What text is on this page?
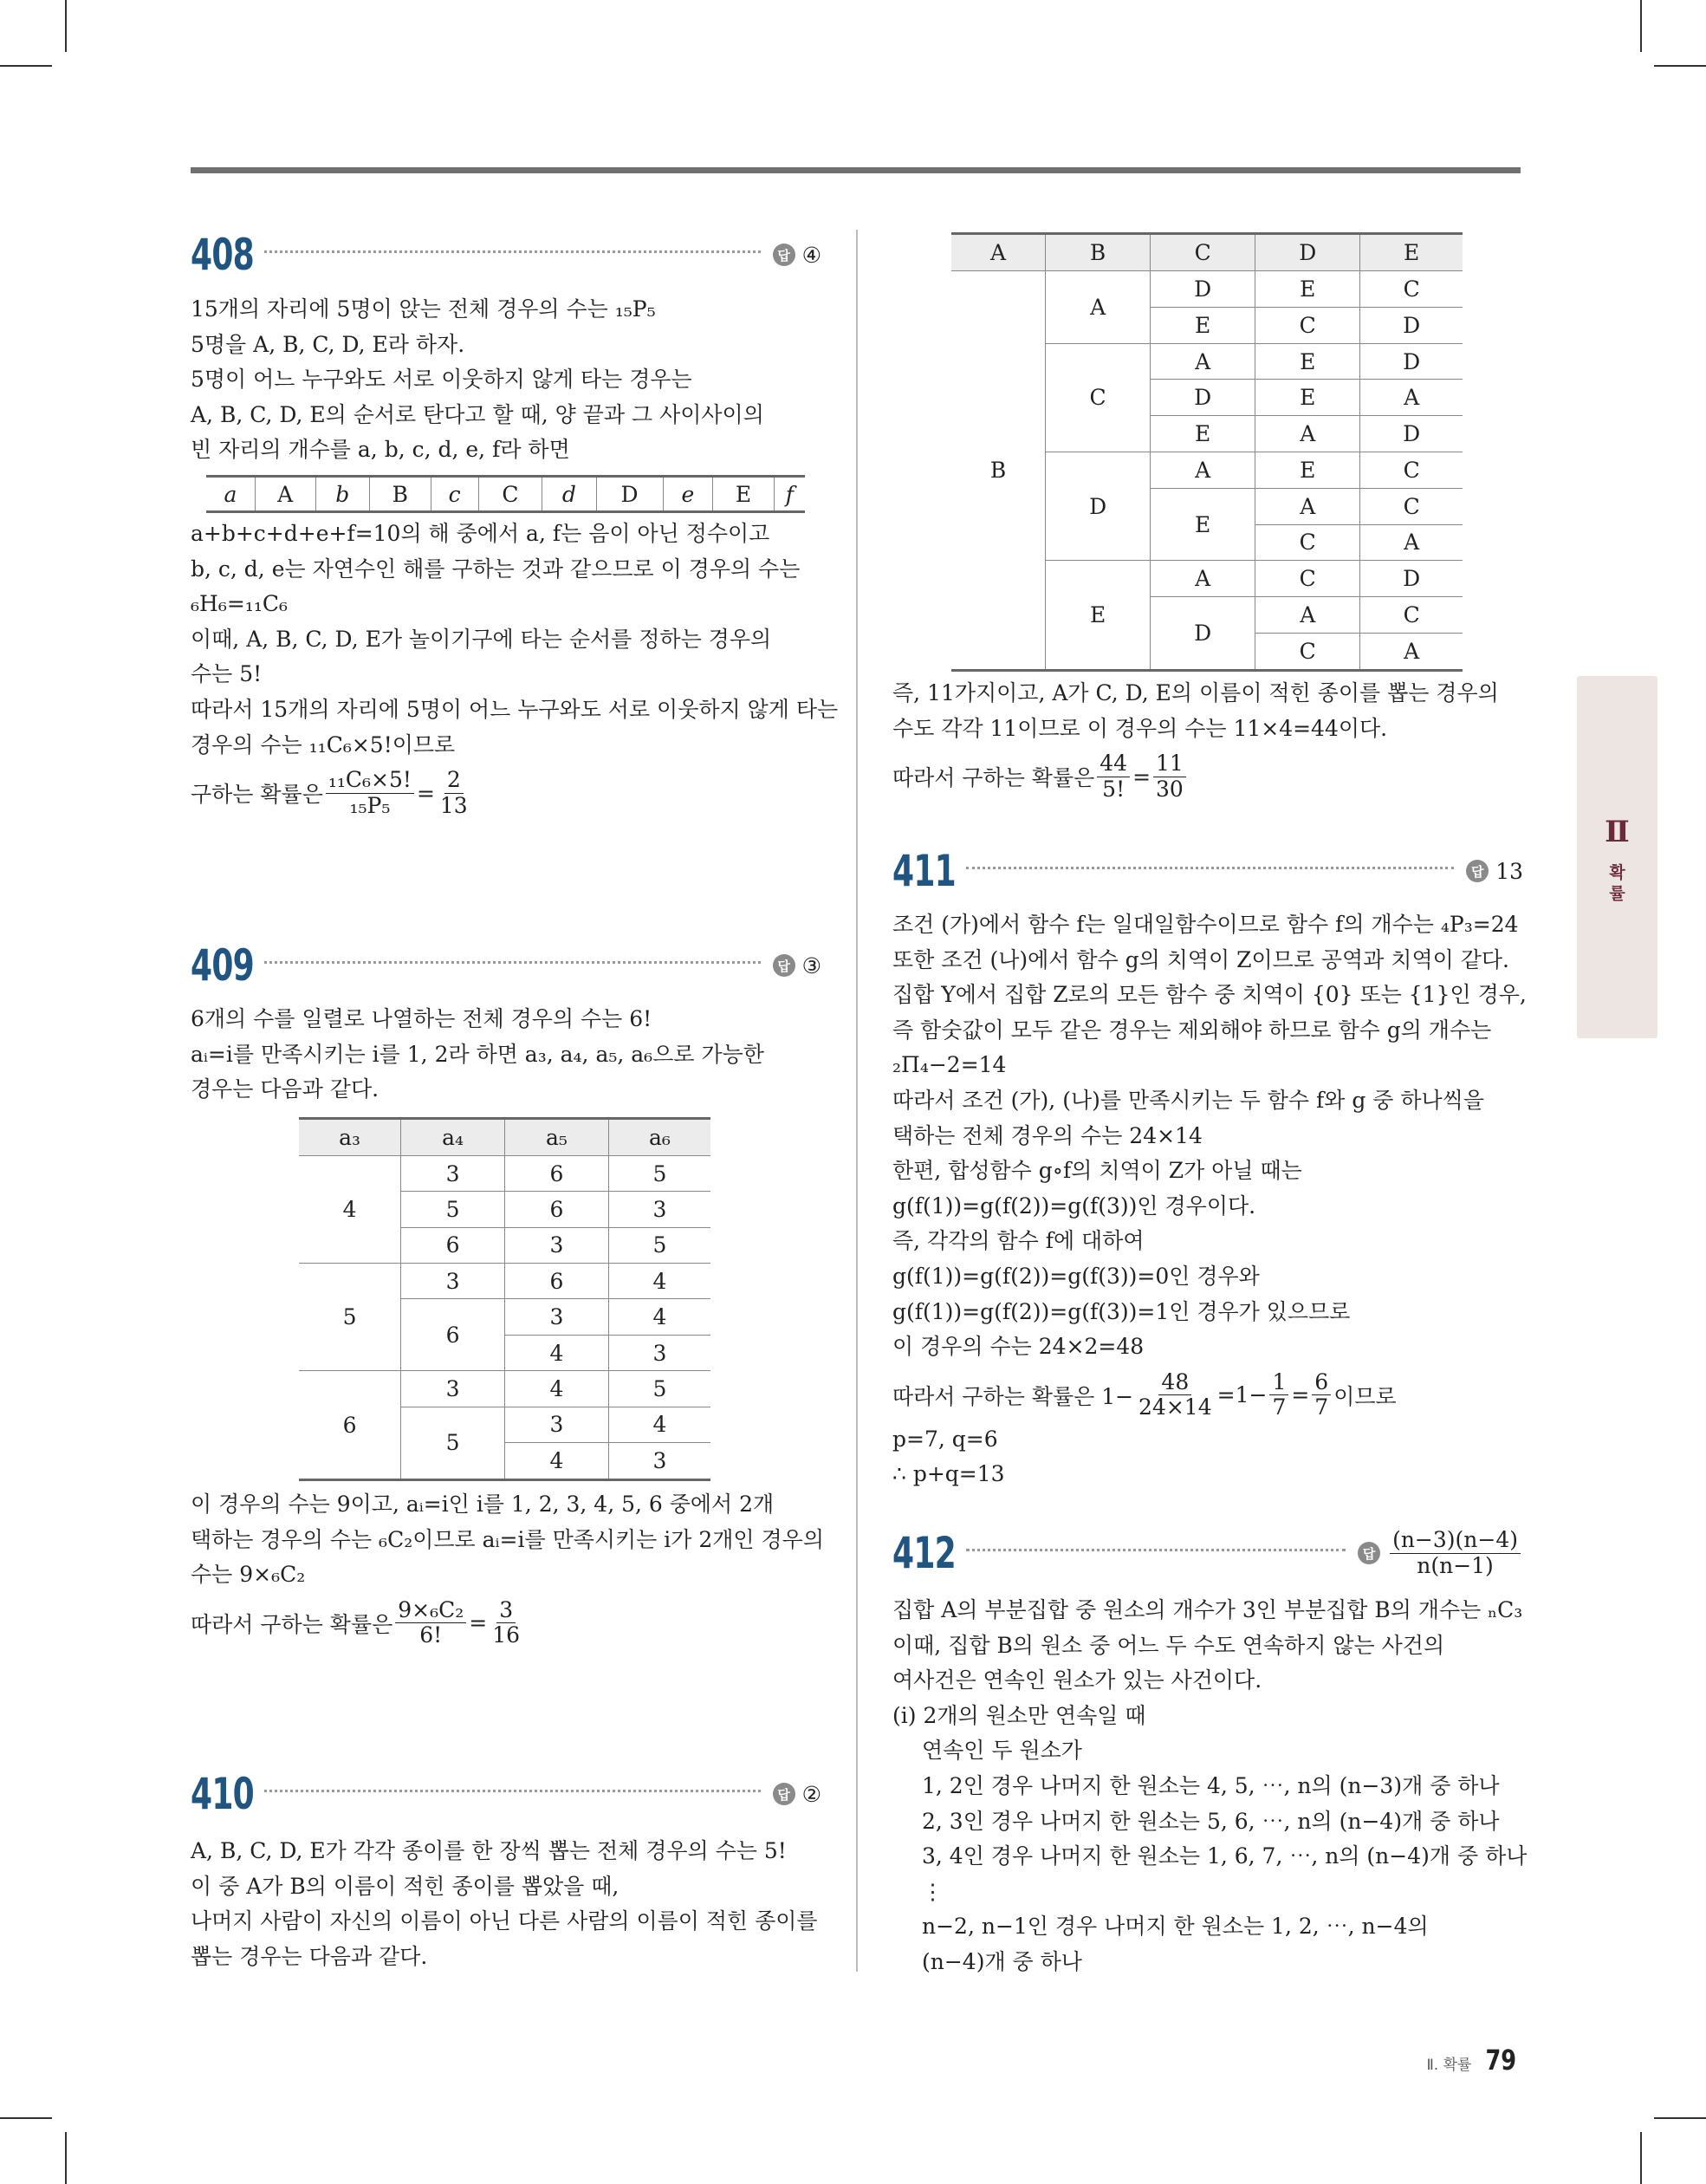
408	답 ④
15개의 자리에 5명이 앉는 전체 경우의 수는 ₁₅P₅
5명을 A, B, C, D, E라 하자.
5명이 어느 누구와도 서로 이웃하지 않게 타는 경우는
A, B, C, D, E의 순서로 탄다고 할 때, 양 끝과 그 사이사이의
빈 자리의 개수를 a, b, c, d, e, f라 하면
a	A	b	B	c	C	d	D	e	E	f
a+b+c+d+e+f=10의 해 중에서 a, f는 음이 아닌 정수이고
b, c, d, e는 자연수인 해를 구하는 것과 같으므로 이 경우의 수는
₆H₆=₁₁C₆
이때, A, B, C, D, E가 놀이기구에 타는 순서를 정하는 경우의
수는 5!
따라서 15개의 자리에 5명이 어느 누구와도 서로 이웃하지 않게 타는
경우의 수는 ₁₁C₆×5!이므로
구하는 확률은 $\frac{\text{₁₁C₆×5!}}{\text{₁₅P₅}} = \frac{2}{13}$
409	답 ③
6개의 수를 일렬로 나열하는 전체 경우의 수는 6!
aᵢ=i를 만족시키는 i를 1, 2라 하면 a₃, a₄, a₅, a₆으로 가능한
경우는 다음과 같다.
a₃	a₄	a₅	a₆
4	3	6	5
	5	6	3
	6	3	5
5	3	6	4
	6	3	4
		4	3
6	3	4	5
	5	3	4
		4	3
이 경우의 수는 9이고, aᵢ=i인 i를 1, 2, 3, 4, 5, 6 중에서 2개
택하는 경우의 수는 ₆C₂이므로 aᵢ=i를 만족시키는 i가 2개인 경우의
수는 9×₆C₂
따라서 구하는 확률은 $\frac{\text{9×₆C₂}}{6!} = \frac{3}{16}$
410	답 ②
A, B, C, D, E가 각각 종이를 한 장씩 뽑는 전체 경우의 수는 5!
이 중 A가 B의 이름이 적힌 종이를 뽑았을 때,
나머지 사람이 자신의 이름이 아닌 다른 사람의 이름이 적힌 종이를
뽑는 경우는 다음과 같다.
A	B	C	D	E
B	A	D	E	C
		E	C	D
	C	A	E	D
		D	E	A
		E	A	D
	D	A	E	C
		E	A	C
			C	A
	E	A	C	D
		D	A	C
			C	A
즉, 11가지이고, A가 C, D, E의 이름이 적힌 종이를 뽑는 경우의
수도 각각 11이므로 이 경우의 수는 11×4=44이다.
따라서 구하는 확률은 $\frac{44}{5!} = \frac{11}{30}$
411	답 13
조건 (가)에서 함수 f는 일대일함수이므로 함수 f의 개수는 ₄P₃=24
또한 조건 (나)에서 함수 g의 치역이 Z이므로 공역과 치역이 같다.
집합 Y에서 집합 Z로의 모든 함수 중 치역이 {0} 또는 {1}인 경우,
즉 함숫값이 모두 같은 경우는 제외해야 하므로 함수 g의 개수는
₂Π₄−2=14
따라서 조건 (가), (나)를 만족시키는 두 함수 f와 g 중 하나씩을
택하는 전체 경우의 수는 24×14
한편, 합성함수 g∘f의 치역이 Z가 아닐 때는
g(f(1))=g(f(2))=g(f(3))인 경우이다.
즉, 각각의 함수 f에 대하여
g(f(1))=g(f(2))=g(f(3))=0인 경우와
g(f(1))=g(f(2))=g(f(3))=1인 경우가 있으므로
이 경우의 수는 24×2=48
따라서 구하는 확률은 $1- \frac{48}{24\times 14} =1- \frac{1}{7} = \frac{6}{7}$ 이므로
p=7, q=6
∴ p+q=13
412	답 $\frac{(n-3)(n-4)}{n(n-1)}$
집합 A의 부분집합 중 원소의 개수가 3인 부분집합 B의 개수는 ₙC₃
이때, 집합 B의 원소 중 어느 두 수도 연속하지 않는 사건의
여사건은 연속인 원소가 있는 사건이다.
(i) 2개의 원소만 연속일 때
연속인 두 원소가
1, 2인 경우 나머지 한 원소는 4, 5, ⋯, n의 (n−3)개 중 하나
2, 3인 경우 나머지 한 원소는 5, 6, ⋯, n의 (n−4)개 중 하나
3, 4인 경우 나머지 한 원소는 1, 6, 7, ⋯, n의 (n−4)개 중 하나
⋮
n−2, n−1인 경우 나머지 한 원소는 1, 2, ⋯, n−4의
(n−4)개 중 하나
Ⅱ
확
률
Ⅱ. 확률 79
